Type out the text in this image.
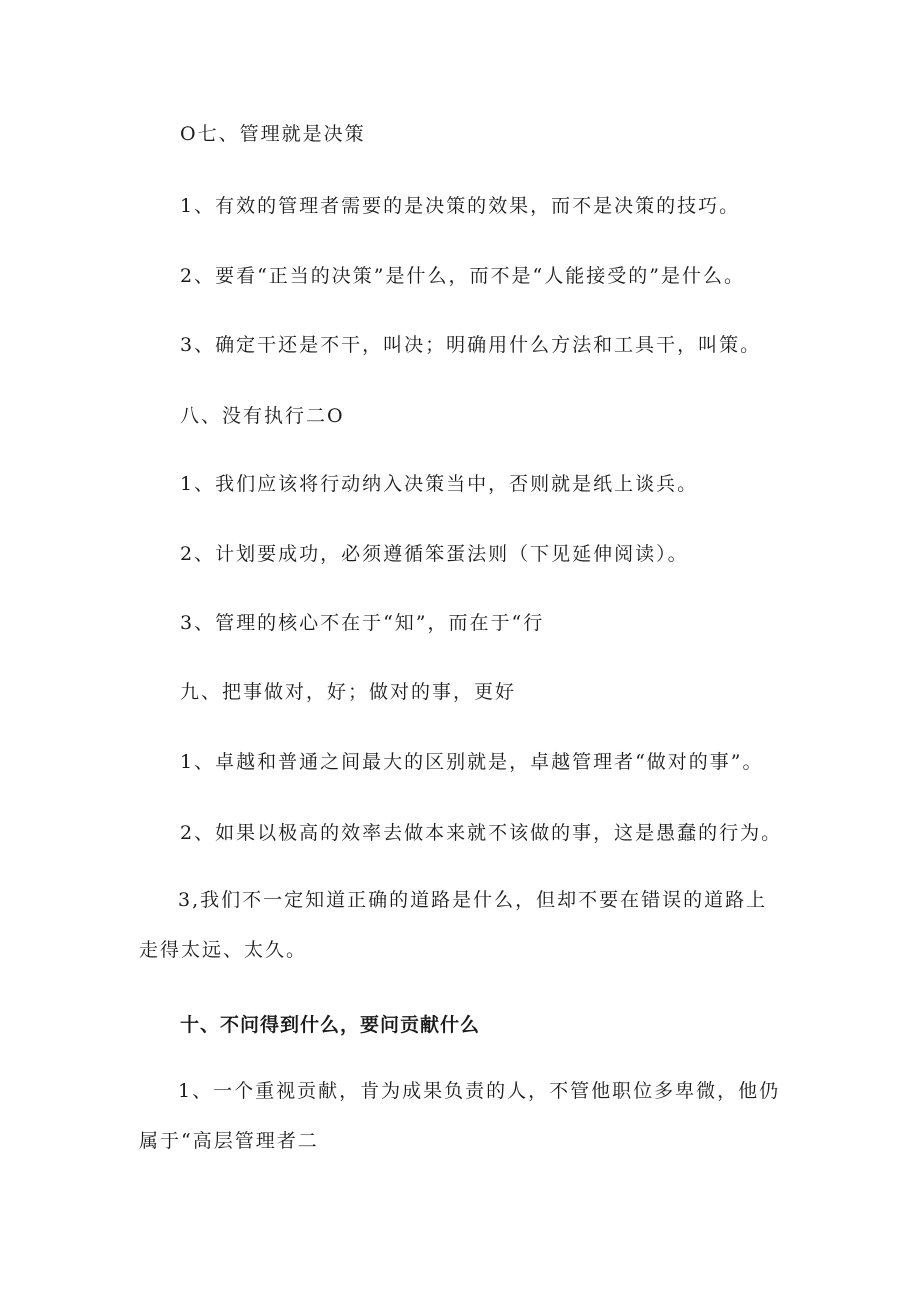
O七、管理就是决策
1、有效的管理者需要的是决策的效果，而不是决策的技巧。
2、要看“正当的决策”是什么，而不是“人能接受的”是什么。
3、确定干还是不干，叫决；明确用什么方法和工具干，叫策。
八、没有执行二O
1、我们应该将行动纳入决策当中，否则就是纸上谈兵。
2、计划要成功，必须遵循笨蛋法则（下见延伸阅读）。
3、管理的核心不在于“知”，而在于“行
九、把事做对，好；做对的事，更好
1、卓越和普通之间最大的区别就是，卓越管理者“做对的事”。
2、如果以极高的效率去做本来就不该做的事，这是愚蠢的行为。
3,我们不一定知道正确的道路是什么，但却不要在错误的道路上走得太远、太久。
十、不问得到什么，要问贡献什么
1、一个重视贡献，肯为成果负责的人，不管他职位多卑微，他仍属于“高层管理者二
